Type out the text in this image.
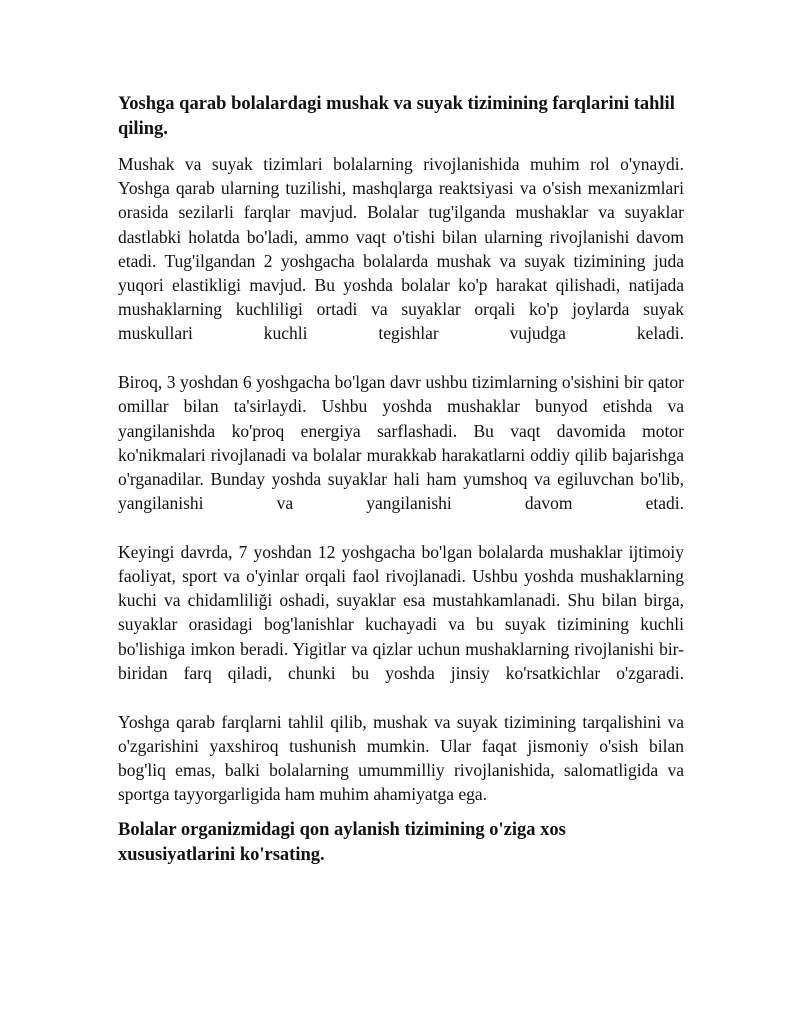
Yoshga qarab bolalardagi mushak va suyak tizimining farqlarini tahlil qiling.

Mushak va suyak tizimlari bolalarning rivojlanishida muhim rol o'ynaydi. Yoshga qarab ularning tuzilishi, mashqlarga reaktsiyasi va o'sish mexanizmlari orasida sezilarli farqlar mavjud. Bolalar tug'ilganda mushaklar va suyaklar dastlabki holatda bo'ladi, ammo vaqt o'tishi bilan ularning rivojlanishi davom etadi. Tug'ilgandan 2 yoshgacha bolalarda mushak va suyak tizimining juda yuqori elastikligi mavjud. Bu yoshda bolalar ko'p harakat qilishadi, natijada mushaklarning kuchliligi ortadi va suyaklar orqali ko'p joylarda suyak muskullari kuchli tegishlar vujudga keladi.

Biroq, 3 yoshdan 6 yoshgacha bo'lgan davr ushbu tizimlarning o'sishini bir qator omillar bilan ta'sirlaydi. Ushbu yoshda mushaklar bunyod etishda va yangilanishda ko'proq energiya sarflashadi. Bu vaqt davomida motor ko'nikmalari rivojlanadi va bolalar murakkab harakatlarni oddiy qilib bajarishga o'rganadilar. Bunday yoshda suyaklar hali ham yumshoq va egiluvchan bo'lib, yangilanishi va yangilanishi davom etadi.

Keyingi davrda, 7 yoshdan 12 yoshgacha bo'lgan bolalarda mushaklar ijtimoiy faoliyat, sport va o'yinlar orqali faol rivojlanadi. Ushbu yoshda mushaklarning kuchi va chidamliliği oshadi, suyaklar esa mustahkamlanadi. Shu bilan birga, suyaklar orasidagi bog'lanishlar kuchayadi va bu suyak tizimining kuchli bo'lishiga imkon beradi. Yigitlar va qizlar uchun mushaklarning rivojlanishi bir-biridan farq qiladi, chunki bu yoshda jinsiy ko'rsatkichlar o'zgaradi.

Yoshga qarab farqlarni tahlil qilib, mushak va suyak tizimining tarqalishini va o'zgarishini yaxshiroq tushunish mumkin. Ular faqat jismoniy o'sish bilan bog'liq emas, balki bolalarning umummilliy rivojlanishida, salomatligida va sportga tayyorgarligida ham muhim ahamiyatga ega.

Bolalar organizmidagi qon aylanish tizimining o'ziga xos xususiyatlarini ko'rsating.
